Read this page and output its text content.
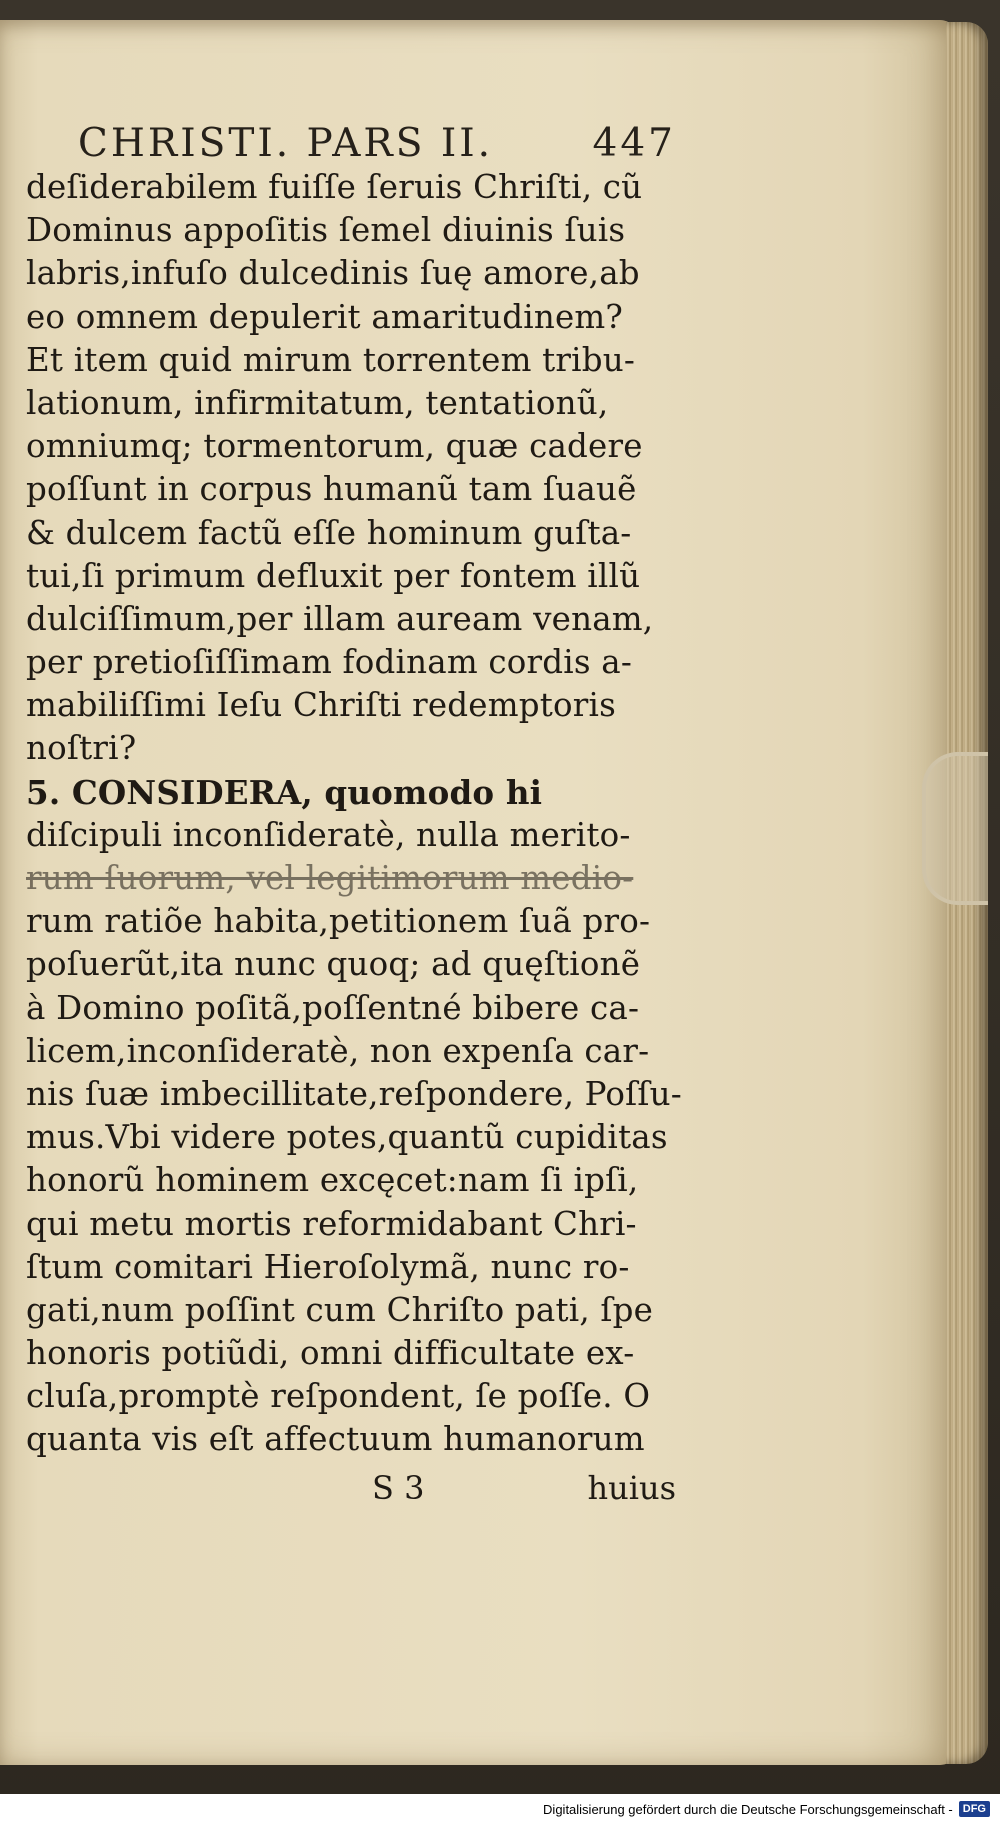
CHRISTI. PARS II.	447
deſiderabilem fuiſſe ſeruis Chriſti, cũ
Dominus appoſitis ſemel diuinis ſuis
labris,infuſo dulcedinis ſuę amore,ab
eo omnem depulerit amaritudinem?
Et item quid mirum torrentem tribu-
lationum, infirmitatum, tentationũ,
omniumq; tormentorum, quæ cadere
poſſunt in corpus humanũ tam ſuauẽ
& dulcem factũ eſſe hominum guſta-
tui,ſi primum defluxit per fontem illũ
dulciſſimum,per illam auream venam,
per pretioſiſſimam fodinam cordis a-
mabiliſſimi Ieſu Chriſti redemptoris
noſtri?
5. CONSIDERA, quomodo hi
diſcipuli inconſideratè, nulla merito-
rum ſuorum, vel legitimorum medio-
rum ratiõe habita,petitionem ſuã pro-
poſuerũt,ita nunc quoq; ad quęſtionẽ
à Domino poſitã,poſſentné bibere ca-
licem,inconſideratè, non expenſa car-
nis ſuæ imbecillitate,reſpondere, Poſſu-
mus.Vbi videre potes,quantũ cupiditas
honorũ hominem excęcet:nam ſi ipſi,
qui metu mortis reformidabant Chri-
ſtum comitari Hieroſolymã, nunc ro-
gati,num poſſint cum Chriſto pati, ſpe
honoris potiũdi, omni difficultate ex-
cluſa,promptè reſpondent, ſe poſſe. O
quanta vis eſt affectuum humanorum
S 3	huius
Digitalisierung gefördert durch die Deutsche Forschungsgemeinschaft - DFG
